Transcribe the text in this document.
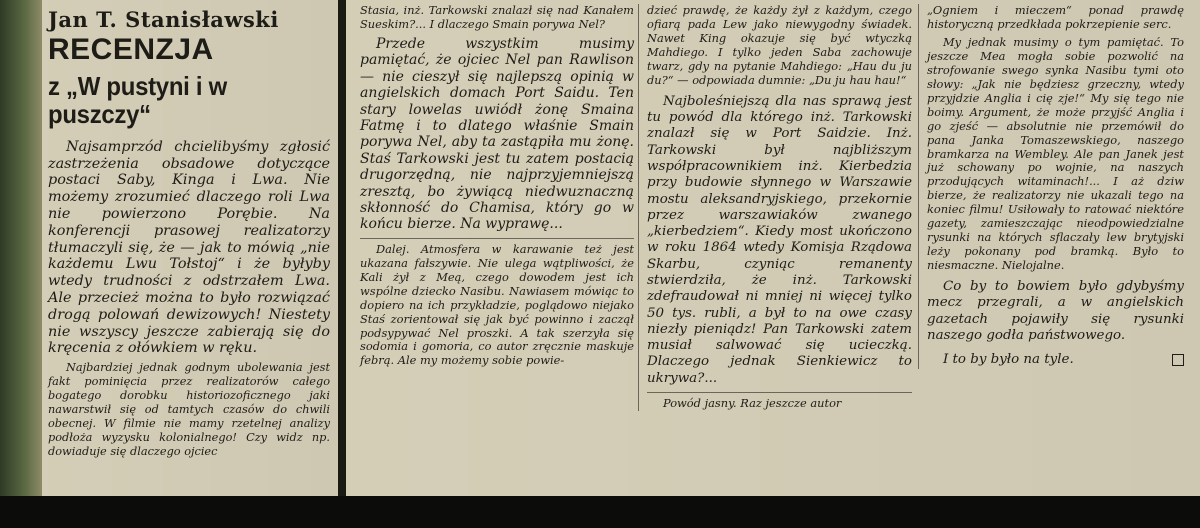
Jan T. Stanisławski
RECENZJA
z „W pustyni i w puszczy“

Najsamprzód chcielibyśmy zgłosić zastrzeżenia obsadowe dotyczące postaci Saby, Kinga i Lwa. Nie możemy zrozumieć dlaczego roli Lwa nie powierzono Porębie. Na konferencji prasowej realizatorzy tłumaczyli się, że — jak to mówią „nie każdemu Lwu Tołstoj“ i że byłyby wtedy trudności z odstrzałem Lwa. Ale przecież można to było rozwiązać drogą polowań dewizowych! Niestety nie wszyscy jeszcze zabierają się do kręcenia z ołówkiem w ręku.

Najbardziej jednak godnym ubolewania jest fakt pominięcia przez realizatorów całego bogatego dorobku historiozoficznego jaki nawarstwił się od tamtych czasów do chwili obecnej. W filmie nie mamy rzetelnej analizy podłoża wyzysku kolonialnego! Czy widz np. dowiaduje się dlaczego ojciec

Stasia, inż. Tarkowski znalazł się nad Kanałem Sueskim?... I dlaczego Smain porywa Nel?

Przede wszystkim musimy pamiętać, że ojciec Nel pan Rawlison — nie cieszył się najlepszą opinią w angielskich domach Port Saidu. Ten stary lowelas uwiódł żonę Smaina Fatmę i to dlatego właśnie Smain porywa Nel, aby ta zastąpiła mu żonę. Staś Tarkowski jest tu zatem postacią drugorzędną, nie najprzyjemniejszą zresztą, bo żywiącą niedwuznaczną skłonność do Chamisa, który go w końcu bierze. Na wyprawę...

Dalej. Atmosfera w karawanie też jest ukazana fałszywie. Nie ulega wątpliwości, że Kali żył z Meą, czego dowodem jest ich wspólne dziecko Nasibu. Nawiasem mówiąc to dopiero na ich przykładzie, poglądowo niejako Staś zorientował się jak być powinno i zaczął podsypywać Nel proszki. A tak szerzyła się sodomia i gomoria, co autor zręcznie maskuje febrą. Ale my możemy sobie powie-

dzieć prawdę, że każdy żył z każdym, czego ofiarą pada Lew jako niewygodny świadek. Nawet King okazuje się być wtyczką Mahdiego. I tylko jeden Saba zachowuje twarz, gdy na pytanie Mahdiego: „Hau du ju du?“ — odpowiada dumnie: „Du ju hau hau!“

Najboleśniejszą dla nas sprawą jest tu powód dla którego inż. Tarkowski znalazł się w Port Saidzie. Inż. Tarkowski był najbliższym współpracownikiem inż. Kierbedzia przy budowie słynnego w Warszawie mostu aleksandryjskiego, przekornie przez warszawiaków zwanego „kierbedziem“. Kiedy most ukończono w roku 1864 wtedy Komisja Rządowa Skarbu, czyniąc remanenty stwierdziła, że inż. Tarkowski zdefraudował ni mniej ni więcej tylko 50 tys. rubli, a był to na owe czasy niezły pieniądz! Pan Tarkowski zatem musiał salwować się ucieczką. Dlaczego jednak Sienkiewicz to ukrywa?...

Powód jasny. Raz jeszcze autor

„Ogniem i mieczem“ ponad prawdę historyczną przedkłada pokrzepienie serc.

My jednak musimy o tym pamiętać. To jeszcze Mea mogła sobie pozwolić na strofowanie swego synka Nasibu tymi oto słowy: „Jak nie będziesz grzeczny, wtedy przyjdzie Anglia i cię zje!“ My się tego nie boimy. Argument, że może przyjść Anglia i go zjeść — absolutnie nie przemówił do pana Janka Tomaszewskiego, naszego bramkarza na Wembley. Ale pan Janek jest już schowany po wojnie, na naszych przodujących witaminach!... I aż dziw bierze, że realizatorzy nie ukazali tego na koniec filmu! Usiłowały to ratować niektóre gazety, zamieszczając nieodpowiedzialne rysunki na których sflaczały lew brytyjski leży pokonany pod bramką. Było to niesmaczne. Nielojalne.

Co by to bowiem było gdybyśmy mecz przegrali, a w angielskich gazetach pojawiły się rysunki naszego godła państwowego.

I to by było na tyle.
